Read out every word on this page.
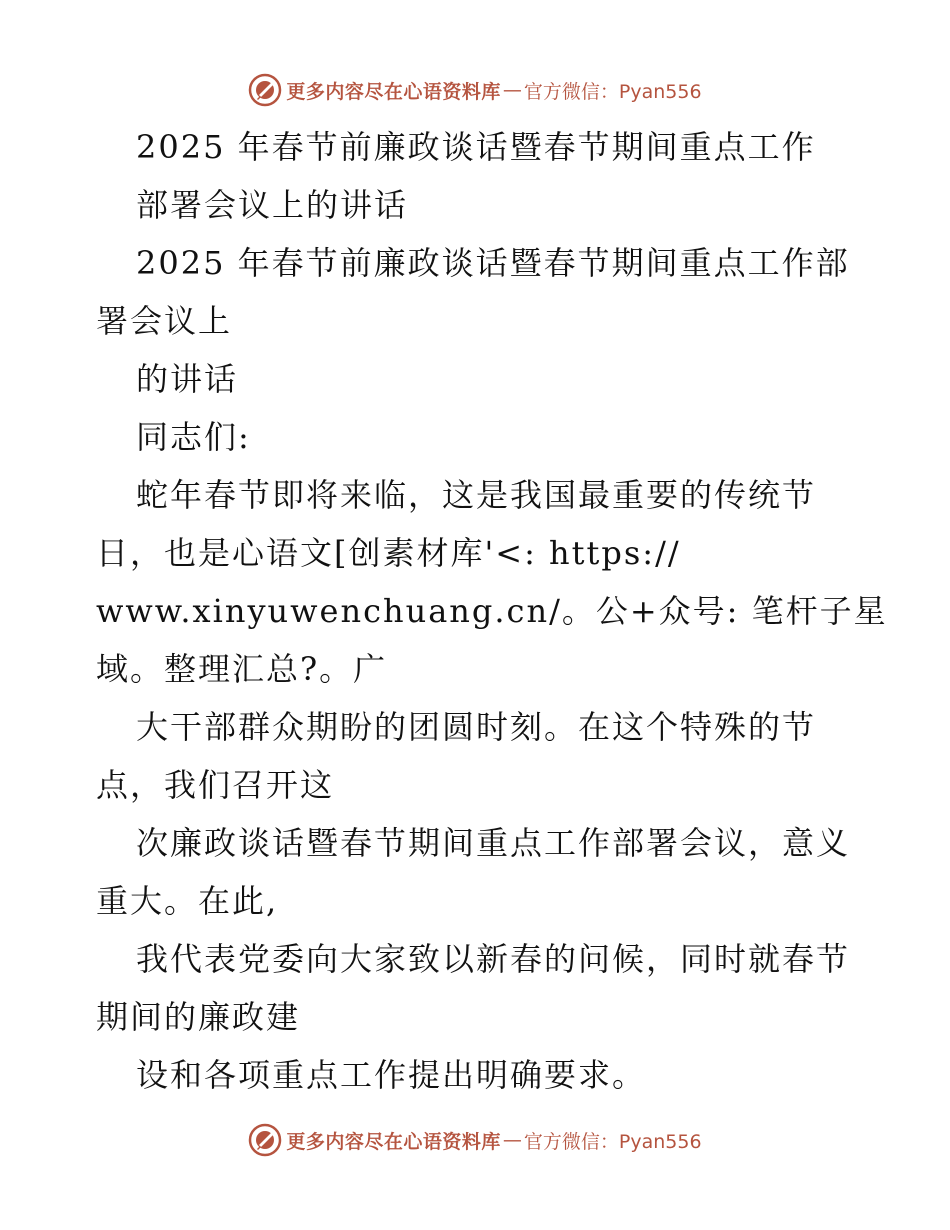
更多内容尽在心语资料库 — 官方微信：Pyan556
2025 年春节前廉政谈话暨春节期间重点工作
部署会议上的讲话
2025 年春节前廉政谈话暨春节期间重点工作部
署会议上
的讲话
同志们:
蛇年春节即将来临，这是我国最重要的传统节
日，也是心语文[创素材库'<: https://
www.xinyuwenchuang.cn/。公+众号: 笔杆子星
域。整理汇总?。广
大干部群众期盼的团圆时刻。在这个特殊的节
点，我们召开这
次廉政谈话暨春节期间重点工作部署会议，意义
重大。在此,
我代表党委向大家致以新春的问候，同时就春节
期间的廉政建
设和各项重点工作提出明确要求。
更多内容尽在心语资料库 — 官方微信：Pyan556
